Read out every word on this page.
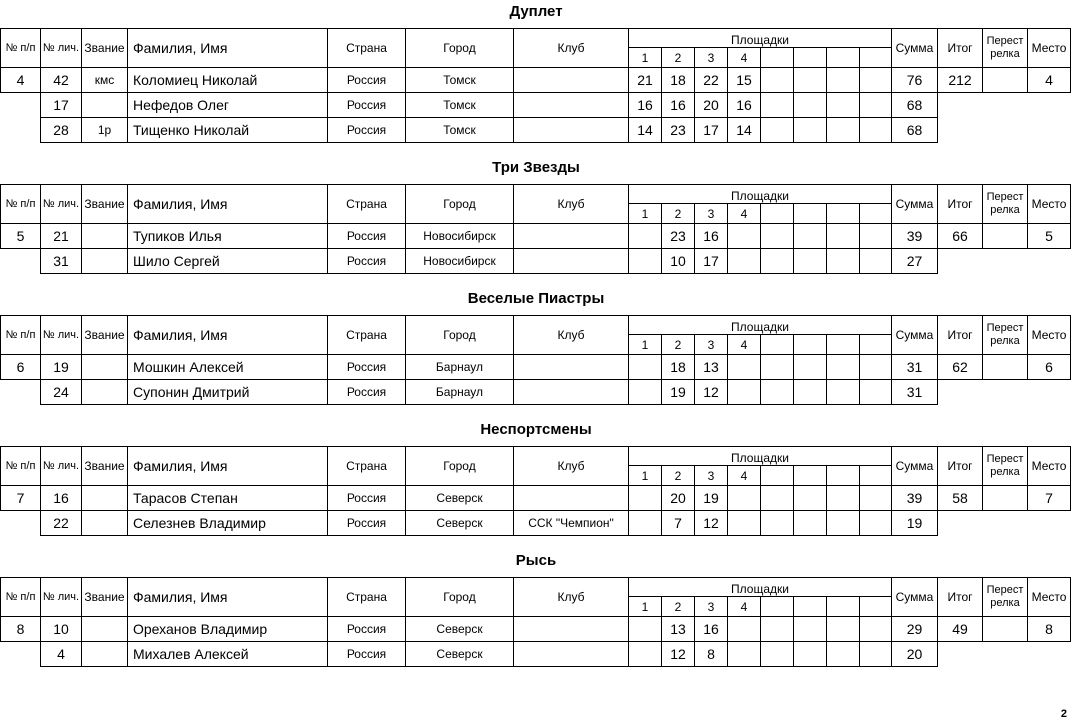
Дуплет
№ п/п	№ лич.	Звание	Фамилия, Имя	Страна	Город	Клуб	Площадки								Сумма	Итог	Перест релка	Место
							1	2	3	4								
4	42	кмс	Коломиец Николай	Россия	Томск		21	18	22	15					76	212		4
	17		Нефедов Олег	Россия	Томск		16	16	20	16					68			
	28	1р	Тищенко Николай	Россия	Томск		14	23	17	14					68			
Три Звезды
№ п/п	№ лич.	Звание	Фамилия, Имя	Страна	Город	Клуб	Площадки								Сумма	Итог	Перест релка	Место
							1	2	3	4								
5	21		Тупиков Илья	Россия	Новосибирск			23	16						39	66		5
	31		Шило Сергей	Россия	Новосибирск			10	17						27			
Веселые Пиастры
№ п/п	№ лич.	Звание	Фамилия, Имя	Страна	Город	Клуб	Площадки								Сумма	Итог	Перест релка	Место
							1	2	3	4								
6	19		Мошкин Алексей	Россия	Барнаул			18	13						31	62		6
	24		Супонин Дмитрий	Россия	Барнаул			19	12						31			
Неспортсмены
№ п/п	№ лич.	Звание	Фамилия, Имя	Страна	Город	Клуб	Площадки								Сумма	Итог	Перест релка	Место
							1	2	3	4								
7	16		Тарасов Степан	Россия	Северск			20	19						39	58		7
	22		Селезнев Владимир	Россия	Северск	ССК "Чемпион"		7	12						19			
Рысь
№ п/п	№ лич.	Звание	Фамилия, Имя	Страна	Город	Клуб	Площадки								Сумма	Итог	Перест релка	Место
							1	2	3	4								
8	10		Ореханов Владимир	Россия	Северск			13	16						29	49		8
	4		Михалев Алексей	Россия	Северск			12	8						20			
2
